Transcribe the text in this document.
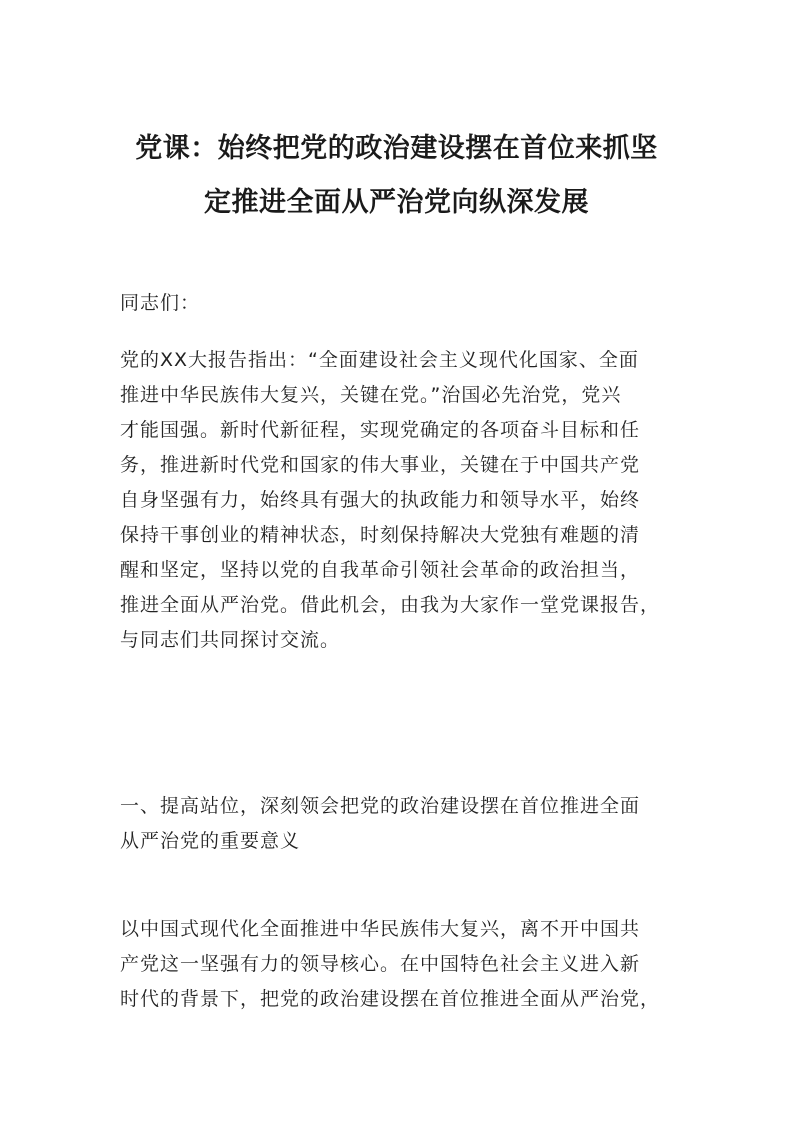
党课：始终把党的政治建设摆在首位来抓坚
定推进全面从严治党向纵深发展
同志们：
党的XX大报告指出：“全面建设社会主义现代化国家、全面
推进中华民族伟大复兴，关键在党。”治国必先治党，党兴
才能国强。新时代新征程，实现党确定的各项奋斗目标和任
务，推进新时代党和国家的伟大事业，关键在于中国共产党
自身坚强有力，始终具有强大的执政能力和领导水平，始终
保持干事创业的精神状态，时刻保持解决大党独有难题的清
醒和坚定，坚持以党的自我革命引领社会革命的政治担当，
推进全面从严治党。借此机会，由我为大家作一堂党课报告，
与同志们共同探讨交流。
一、提高站位，深刻领会把党的政治建设摆在首位推进全面
从严治党的重要意义
以中国式现代化全面推进中华民族伟大复兴，离不开中国共
产党这一坚强有力的领导核心。在中国特色社会主义进入新
时代的背景下，把党的政治建设摆在首位推进全面从严治党，
